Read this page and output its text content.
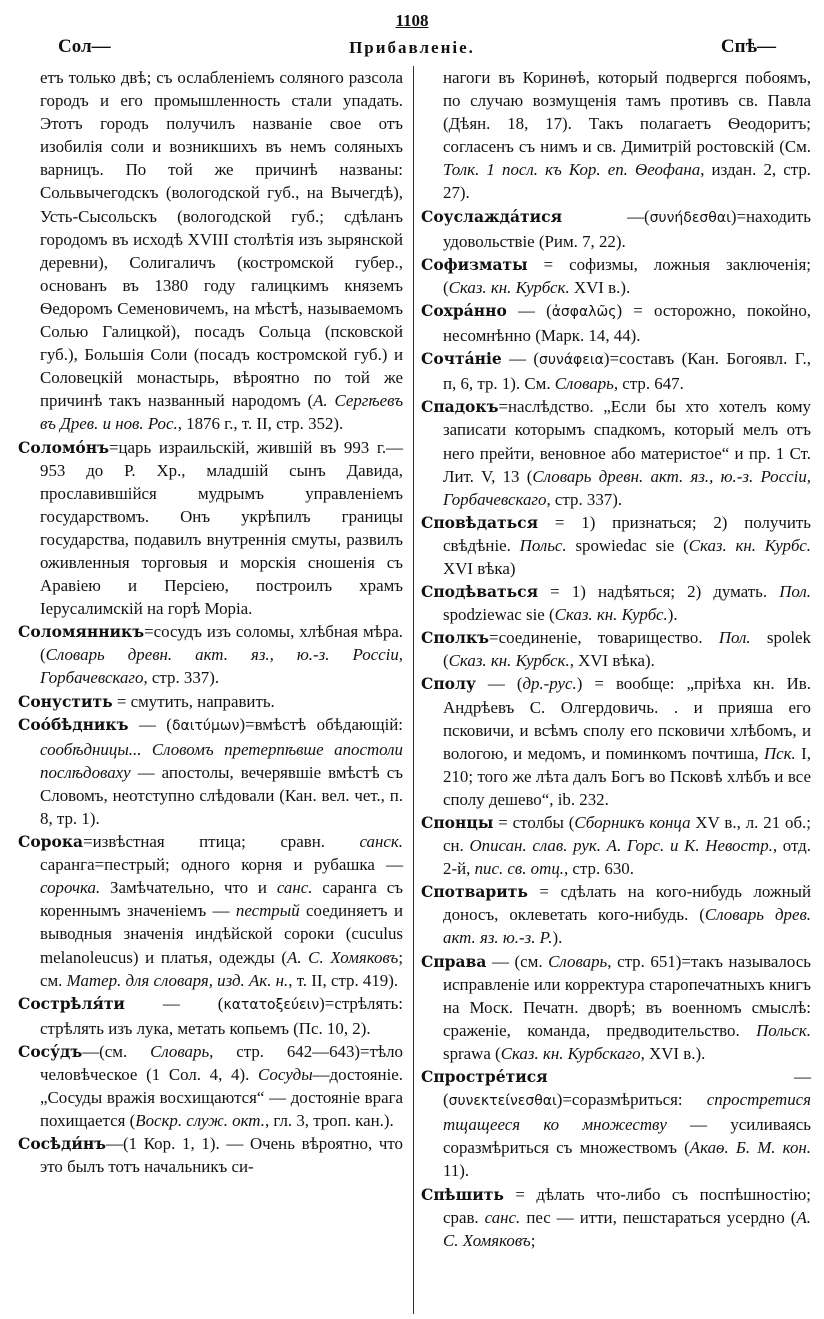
1108
Сол—	Прибавленіе.	Спѣ—

етъ только двѣ; съ ослабленіемъ соляного разсола городъ и его промышленность стали упадать. Этотъ городъ получилъ названіе свое отъ изобилія соли и возникшихъ въ немъ соляныхъ варницъ. По той же причинѣ названы: Сольвычегодскъ (вологодской губ., на Вычегдѣ), Усть-Сысольскъ (вологодской губ.; сдѣланъ городомъ въ исходѣ XVIII столѣтія изъ зырянской деревни), Солигаличъ (костромской губер., основанъ въ 1380 году галицкимъ княземъ Ѳедоромъ Семеновичемъ, на мѣстѣ, называемомъ Солью Галицкой), посадъ Сольца (псковской губ.), Большія Соли (посадъ костромской губ.) и Соловецкій монастырь, вѣроятно по той же причинѣ такъ названный народомъ (А. Сергѣевъ въ Древ. и нов. Рос., 1876 г., т. II, стр. 352).

Соломо́нъ=царь израильскій, жившій въ 993 г.— 953 до Р. Хр., младшій сынъ Давида, прославившійся мудрымъ управленіемъ государствомъ. Онъ укрѣпилъ границы государства, подавилъ внутреннія смуты, развилъ оживленныя торговыя и морскія сношенія съ Аравіею и Персіею, построилъ храмъ Іерусалимскій на горѣ Моріа.

Соломянникъ=сосудъ изъ соломы, хлѣбная мѣра. (Словарь древн. акт. яз., ю.-з. Россіи, Горбачевскаго, стр. 337).

Сонустить = смутить, направить.

Соо́бѣдникъ — (δαιτύμων)=вмѣстѣ обѣдающій: сообѣдницы... Словомъ претерпѣвше апостоли послѣдоваху — апостолы, вечерявшіе вмѣстѣ съ Словомъ, неотступно слѣдовали (Кан. вел. чет., п. 8, тр. 1).

Сорока=извѣстная птица; сравн. санск. саранга=пестрый; одного корня и рубашка — сорочка. Замѣчательно, что и санс. саранга съ кореннымъ значеніемъ — пестрый соединяетъ и выводныя значенія индѣйской сороки (cuculus melanoleucus) и платья, одежды (А. С. Хомяковъ; см. Матер. для словаря, изд. Ак. н., т. II, стр. 419).

Сострѣля́ти — (κατατοξεύειν)=стрѣлять: стрѣлять изъ лука, метать копьемъ (Пс. 10, 2).

Сосу́дъ—(см. Словарь, стр. 642—643)=тѣло человѣческое (1 Сол. 4, 4). Сосуды—достояніе. „Сосуды вражія восхищаются“ — достояніе врага похищается (Воскр. служ. окт., гл. 3, троп. кан.).

Сосѣди́нъ—(1 Кор. 1, 1). — Очень вѣроятно, что это былъ тотъ начальникъ си-

нагоги въ Коринѳѣ, который подвергся побоямъ, по случаю возмущенія тамъ противъ св. Павла (Дѣян. 18, 17). Такъ полагаетъ Ѳеодоритъ; согласенъ съ нимъ и св. Димитрій ростовскій (См. Толк. 1 посл. къ Кор. еп. Ѳеофана, издан. 2, стр. 27).

Соуслажда́тися —(συνήδεσθαι)=находить удовольствіе (Рим. 7, 22).

Софизматы = софизмы, ложныя заключенія; (Сказ. кн. Курбск. XVI в.).

Сохра́нно — (ἀσφαλῶς) = осторожно, покойно, несомнѣнно (Марк. 14, 44).

Сочта́ніе — (συνάφεια)=составъ (Кан. Богоявл. Г., п, 6, тр. 1). См. Словарь, стр. 647.

Спадокъ=наслѣдство. „Если бы хто хотелъ кому записати которымъ спадкомъ, который мелъ отъ него прейти, веновное або материстое“ и пр. 1 Ст. Лит. V, 13 (Словарь древн. акт. яз., ю.-з. Россіи, Горбачевскаго, стр. 337).

Сповѣдаться = 1) признаться; 2) получить свѣдѣніе. Польс. spowiedac sie (Сказ. кн. Курбс. XVI вѣка)

Сподѣваться = 1) надѣяться; 2) думать. Пол. spodziewac sie (Сказ. кн. Курбс.).

Сполкъ=соединеніе, товарищество. Пол. spolek (Сказ. кн. Курбск., XVI вѣка).

Сполу — (др.-рус.) = вообще: „пріѣха кн. Ив. Андрѣевъ С. Олгердовичь. . и прияша его псковичи, и всѣмъ сполу его псковичи хлѣбомъ, и вологою, и медомъ, и поминкомъ почтиша, Пск. I, 210; того же лѣта далъ Богъ во Псковѣ хлѣбъ и все сполу дешево“, ib. 232.

Спонцы = столбы (Сборникъ конца XV в., л. 21 об.; сн. Описан. слав. рук. А. Горс. и К. Невостр., отд. 2-й, пис. св. отц., стр. 630.

Спотварить = сдѣлать на кого-нибудь ложный доносъ, оклеветать кого-нибудь. (Словарь древ. акт. яз. ю.-з. Р.).

Справа — (см. Словарь, стр. 651)=такъ называлось исправленіе или корректура старопечатныхъ книгъ на Моск. Печатн. дворѣ; въ военномъ смыслѣ: сраженіе, команда, предводительство. Польск. sprawa (Сказ. кн. Курбскаго, XVI в.).

Спростре́тися — (συνεκτείνεσθαι)=соразмѣриться: спростретися тщащееся ко множеству — усиливаясь соразмѣриться съ множествомъ (Акаѳ. Б. М. кон. 11).

Спѣшить = дѣлать что-либо съ поспѣшностію; срав. санс. пес — итти, пешстараться усердно (А. С. Хомяковъ;
